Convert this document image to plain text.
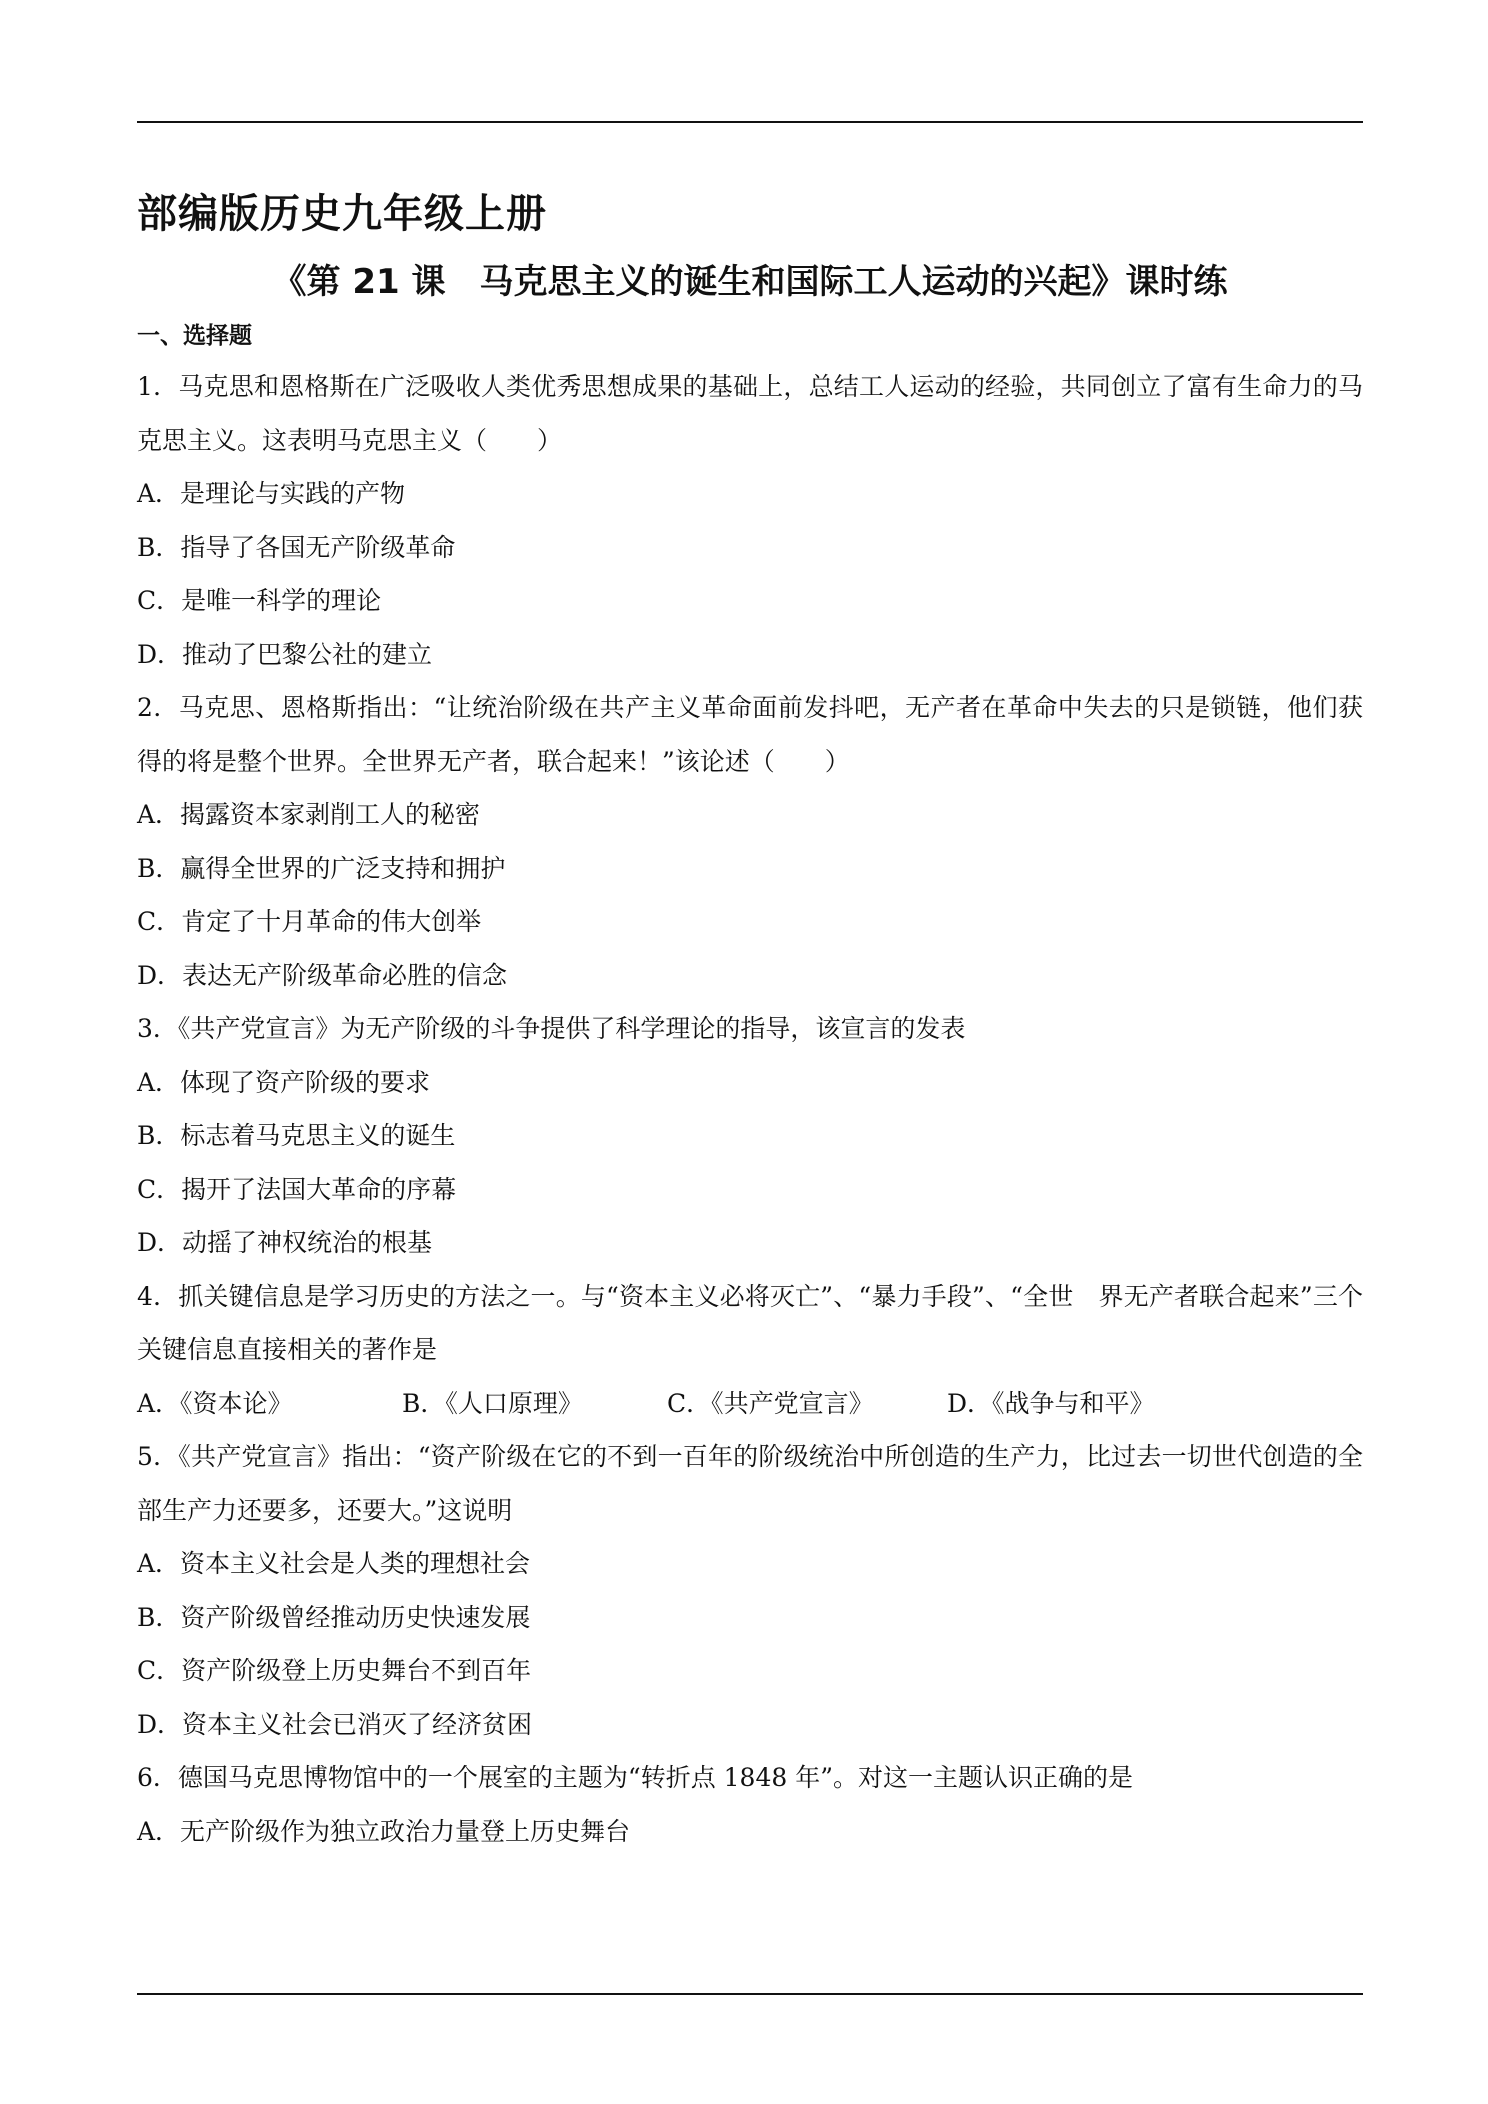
部编版历史九年级上册
《第 21 课　马克思主义的诞生和国际工人运动的兴起》课时练
一、选择题

1．马克思和恩格斯在广泛吸收人类优秀思想成果的基础上，总结工人运动的经验，共同创立了富有生命力的马克思主义。这表明马克思主义（　　）

A．是理论与实践的产物

B．指导了各国无产阶级革命

C．是唯一科学的理论

D．推动了巴黎公社的建立

2．马克思、恩格斯指出：“让统治阶级在共产主义革命面前发抖吧，无产者在革命中失去的只是锁链，他们获得的将是整个世界。全世界无产者，联合起来！”该论述（　　）

A．揭露资本家剥削工人的秘密

B．赢得全世界的广泛支持和拥护

C．肯定了十月革命的伟大创举

D．表达无产阶级革命必胜的信念

3．《共产党宣言》为无产阶级的斗争提供了科学理论的指导，该宣言的发表

A．体现了资产阶级的要求

B．标志着马克思主义的诞生

C．揭开了法国大革命的序幕

D．动摇了神权统治的根基

4．抓关键信息是学习历史的方法之一。与“资本主义必将灭亡”、“暴力手段”、“全世　界无产者联合起来”三个关键信息直接相关的著作是

A．《资本论》	B．《人口原理》	C．《共产党宣言》	D．《战争与和平》

5．《共产党宣言》指出：“资产阶级在它的不到一百年的阶级统治中所创造的生产力，比过去一切世代创造的全部生产力还要多，还要大。”这说明

A．资本主义社会是人类的理想社会

B．资产阶级曾经推动历史快速发展

C．资产阶级登上历史舞台不到百年

D．资本主义社会已消灭了经济贫困

6．德国马克思博物馆中的一个展室的主题为“转折点 1848 年”。对这一主题认识正确的是

A．无产阶级作为独立政治力量登上历史舞台
